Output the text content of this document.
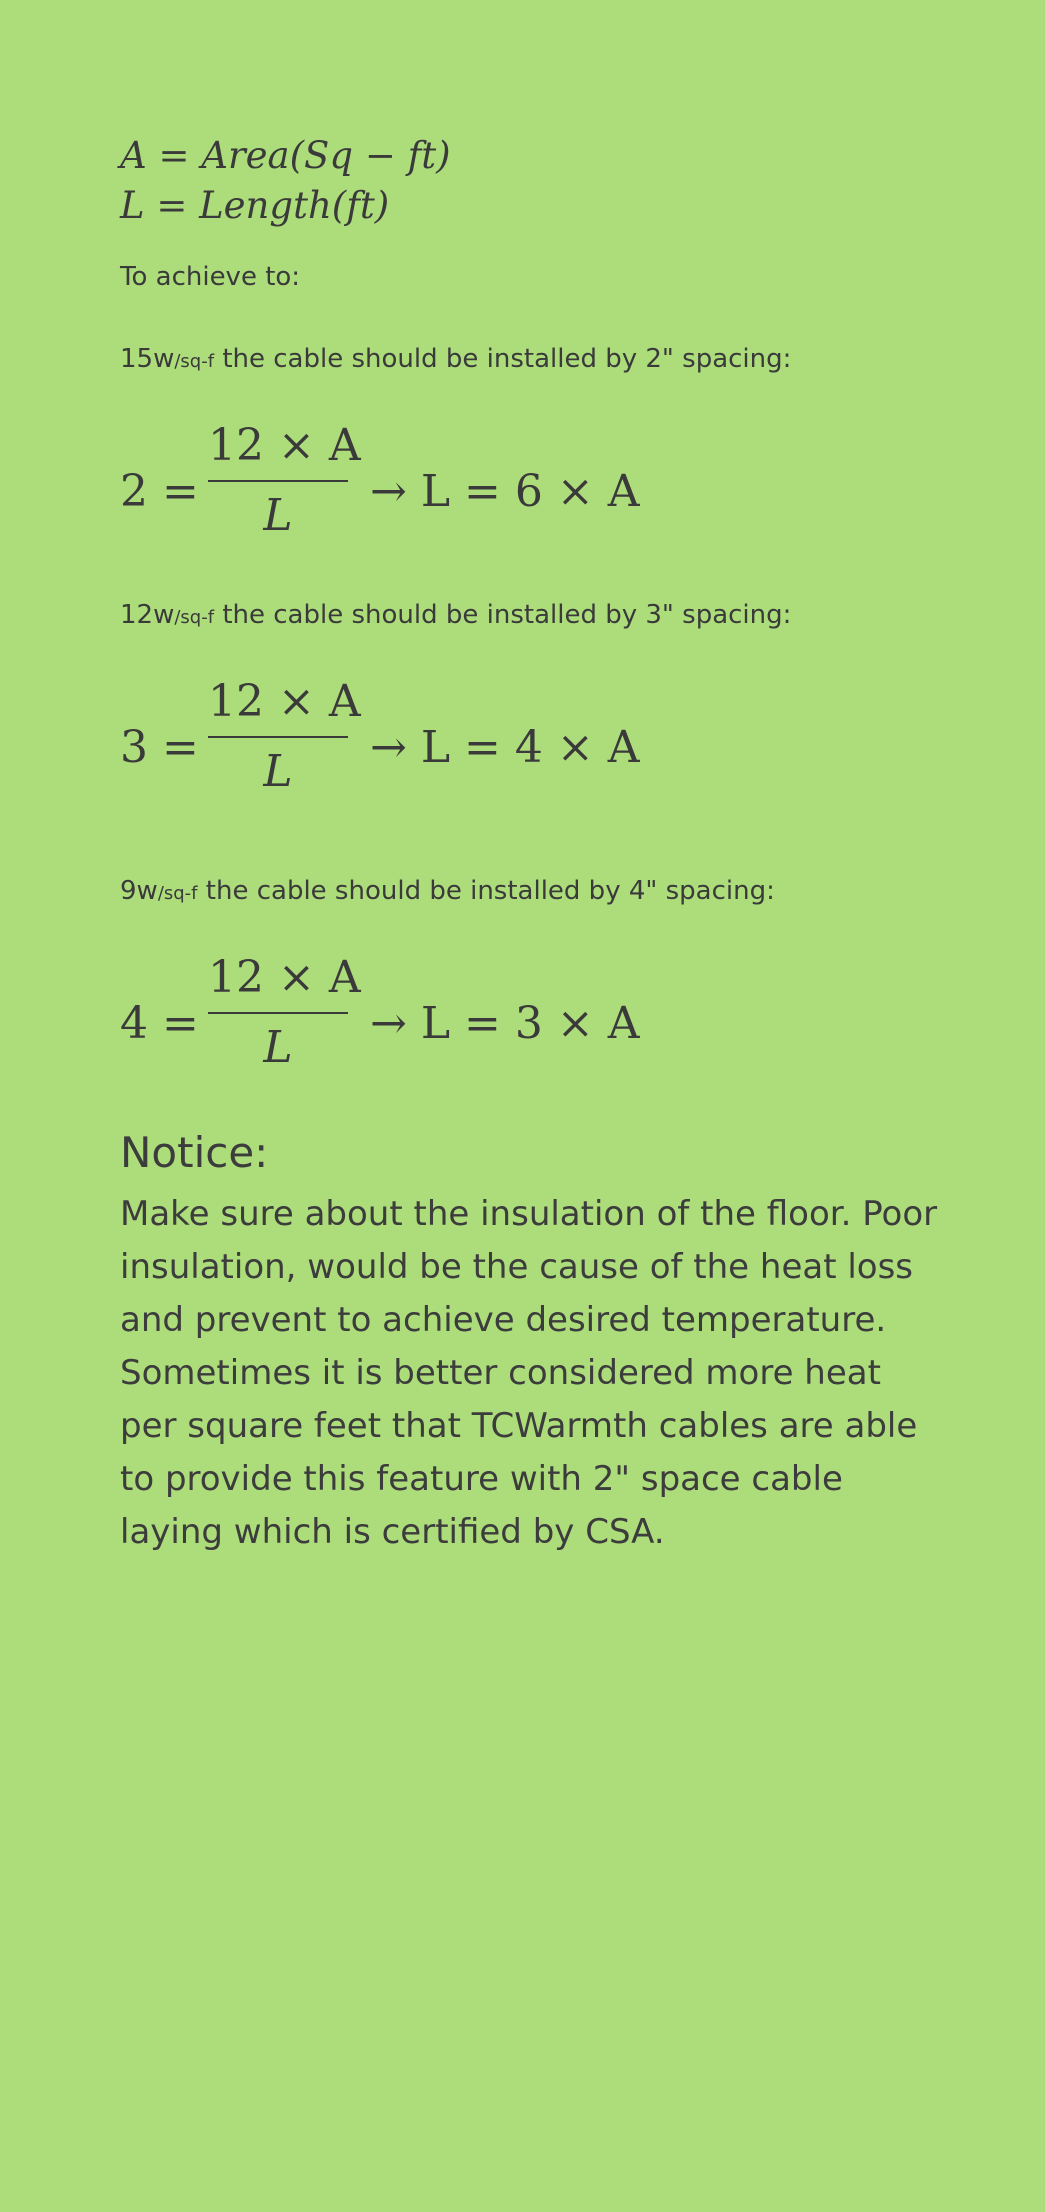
A = Area(Sq − ft)
L = Length(ft)
To achieve to:
15w/sq-f the cable should be installed by 2" spacing:
2 =
12 × A
L	→ L = 6 × A
12w/sq-f the cable should be installed by 3" spacing:
3 =
12 × A
L	→ L = 4 × A
9w/sq-f the cable should be installed by 4" spacing:
4 =
12 × A
L	→ L = 3 × A
Notice:

Make sure about the insulation of the floor. Poor insulation, would be the cause of the heat loss and prevent to achieve desired temperature.

Sometimes it is better considered more heat per square feet that TCWarmth cables are able to provide this feature with 2" space cable laying which is certified by CSA.
